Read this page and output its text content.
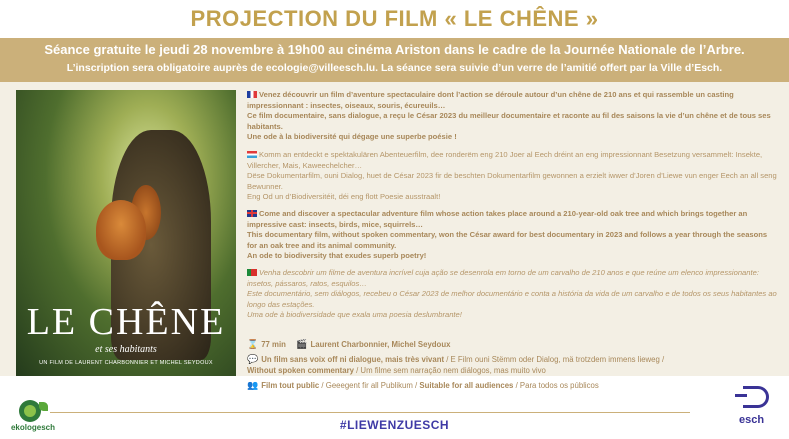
PROJECTION DU FILM « LE CHÊNE »
Séance gratuite le jeudi 28 novembre à 19h00 au cinéma Ariston dans le cadre de la Journée Nationale de l’Arbre.
L’inscription sera obligatoire auprès de ecologie@villeesch.lu. La séance sera suivie d’un verre de l’amitié offert par la Ville d’Esch.
LE CHÊNE
et ses habitants
UN FILM DE LAURENT CHARBONNIER ET MICHEL SEYDOUX

Venez découvrir un film d’aventure spectaculaire dont l’action se déroule autour d’un chêne de 210 ans et qui rassemble un casting impressionnant : insectes, oiseaux, souris, écureuils…

Ce film documentaire, sans dialogue, a reçu le César 2023 du meilleur documentaire et raconte au fil des saisons la vie d’un chêne et de tous ses habitants.

Une ode à la biodiversité qui dégage une superbe poésie !

Komm an entdeckt e spektakulären Abenteuerfilm, dee ronderëm eng 210 Joer al Eech dréint an eng impressionnant Besetzung versammelt: Insekte, Villercher, Mais, Kaweechelcher…

Dëse Dokumentarfilm, ouni Dialog, huet de César 2023 fir de beschten Dokumentarfilm gewonnen a erzielt iwwer d’Joren d’Liewe vun enger Eech an all seng Bewunner.

Eng Od un d’Biodiversitéit, déi eng flott Poesie ausstraalt!

Come and discover a spectacular adventure film whose action takes place around a 210-year-old oak tree and which brings together an impressive cast: insects, birds, mice, squirrels…

This documentary film, without spoken commentary, won the César award for best documentary in 2023 and follows a year through the seasons for an oak tree and its animal community.

An ode to biodiversity that exudes superb poetry!

Venha descobrir um filme de aventura incrível cuja ação se desenrola em torno de um carvalho de 210 anos e que reúne um elenco impressionante: insetos, pássaros, ratos, esquilos…

Este documentário, sem diálogos, recebeu o César 2023 de melhor documentário e conta a história da vida de um carvalho e de todos os seus habitantes ao longo das estações.

Uma ode à biodiversidade que exala uma poesia deslumbrante!

⌛ 77 min 🎬 Laurent Charbonnier, Michel Seydoux
💬 Un film sans voix off ni dialogue, mais très vivant / E Film ouni Stëmm oder Dialog, mä trotzdem immens lieweg /
Without spoken commentary / Um filme sem narração nem diálogos, mas muito vivo
👥 Film tout public / Geeegent fir all Publikum / Suitable for all audiences / Para todos os públicos
ekologesch	#LIEWENZUESCH	esch
